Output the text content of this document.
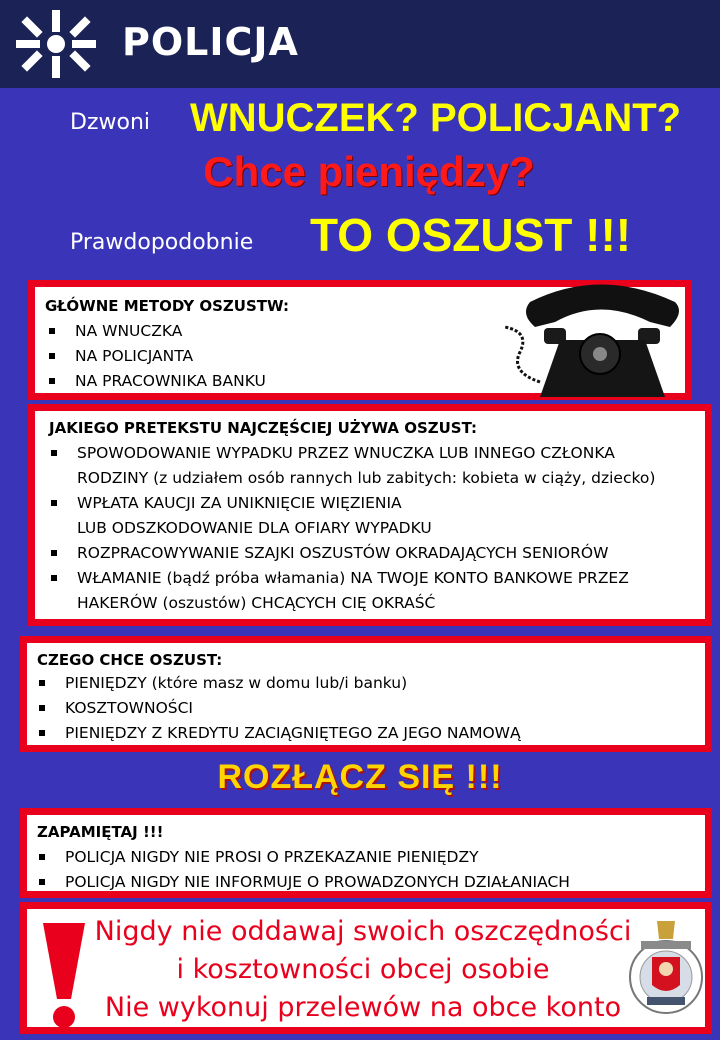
POLICJA
Dzwoni WNUCZEK? POLICJANT?
Chce pieniędzy?
Prawdopodobnie TO OSZUST !!!
GŁÓWNE METODY OSZUSTW:
NA WNUCZKA
NA POLICJANTA
NA PRACOWNIKA BANKU
JAKIEGO PRETEKSTU NAJCZĘŚCIEJ UŻYWA OSZUST:
SPOWODOWANIE WYPADKU PRZEZ WNUCZKA LUB INNEGO CZŁONKA
RODZINY (z udziałem osób rannych lub zabitych: kobieta w ciąży, dziecko)
WPŁATA KAUCJI ZA UNIKNIĘCIE WIĘZIENIA
LUB ODSZKODOWANIE DLA OFIARY WYPADKU
ROZPRACOWYWANIE SZAJKI OSZUSTÓW OKRADAJĄCYCH SENIORÓW
WŁAMANIE (bądź próba włamania) NA TWOJE KONTO BANKOWE PRZEZ
HAKERÓW (oszustów) CHCĄCYCH CIĘ OKRAŚĆ
CZEGO CHCE OSZUST:
PIENIĘDZY (które masz w domu lub/i banku)
KOSZTOWNOŚCI
PIENIĘDZY Z KREDYTU ZACIĄGNIĘTEGO ZA JEGO NAMOWĄ
ROZŁĄCZ SIĘ !!!
ZAPAMIĘTAJ !!!
POLICJA NIGDY NIE PROSI O PRZEKAZANIE PIENIĘDZY
POLICJA NIGDY NIE INFORMUJE O PROWADZONYCH DZIAŁANIACH
Nigdy nie oddawaj swoich oszczędności
i kosztowności obcej osobie
Nie wykonuj przelewów na obce konto
